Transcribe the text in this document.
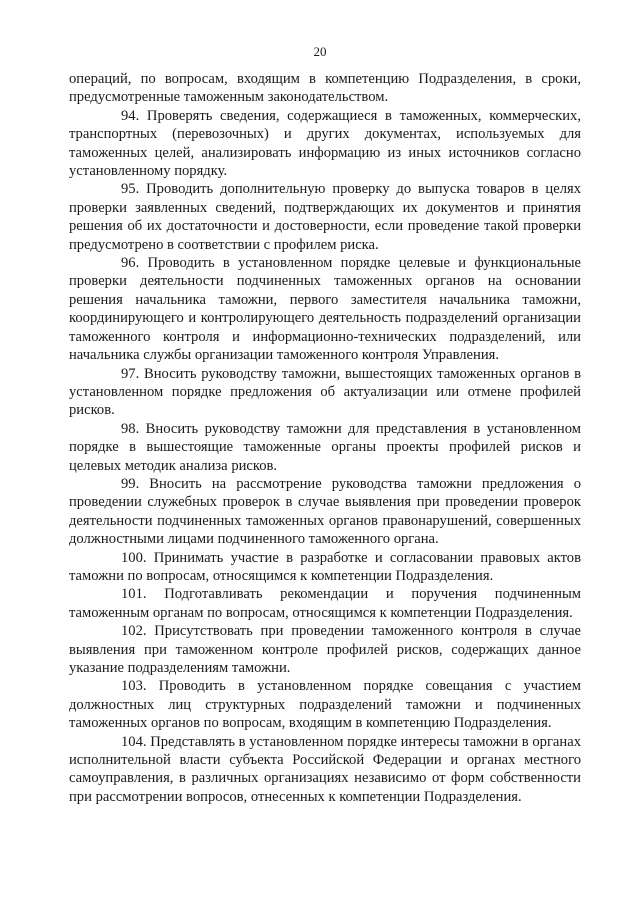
20

операций, по вопросам, входящим в компетенцию Подразделения, в сроки, предусмотренные таможенным законодательством.

94. Проверять сведения, содержащиеся в таможенных, коммерческих, транспортных (перевозочных) и других документах, используемых для таможенных целей, анализировать информацию из иных источников согласно установленному порядку.

95. Проводить дополнительную проверку до выпуска товаров в целях проверки заявленных сведений, подтверждающих их документов и принятия решения об их достаточности и достоверности, если проведение такой проверки предусмотрено в соответствии с профилем риска.

96. Проводить в установленном порядке целевые и функциональные проверки деятельности подчиненных таможенных органов на основании решения начальника таможни, первого заместителя начальника таможни, координирующего и контролирующего деятельность подразделений организации таможенного контроля и информационно-технических подразделений, или начальника службы организации таможенного контроля Управления.

97. Вносить руководству таможни, вышестоящих таможенных органов в установленном порядке предложения об актуализации или отмене профилей рисков.

98. Вносить руководству таможни для представления в установленном порядке в вышестоящие таможенные органы проекты профилей рисков и целевых методик анализа рисков.

99. Вносить на рассмотрение руководства таможни предложения о проведении служебных проверок в случае выявления при проведении проверок деятельности подчиненных таможенных органов правонарушений, совершенных должностными лицами подчиненного таможенного органа.

100. Принимать участие в разработке и согласовании правовых актов таможни по вопросам, относящимся к компетенции Подразделения.

101. Подготавливать рекомендации и поручения подчиненным таможенным органам по вопросам, относящимся к компетенции Подразделения.

102. Присутствовать при проведении таможенного контроля в случае выявления при таможенном контроле профилей рисков, содержащих данное указание подразделениям таможни.

103. Проводить в установленном порядке совещания с участием должностных лиц структурных подразделений таможни и подчиненных таможенных органов по вопросам, входящим в компетенцию Подразделения.

104. Представлять в установленном порядке интересы таможни в органах исполнительной власти субъекта Российской Федерации и органах местного самоуправления, в различных организациях независимо от форм собственности при рассмотрении вопросов, отнесенных к компетенции Подразделения.
